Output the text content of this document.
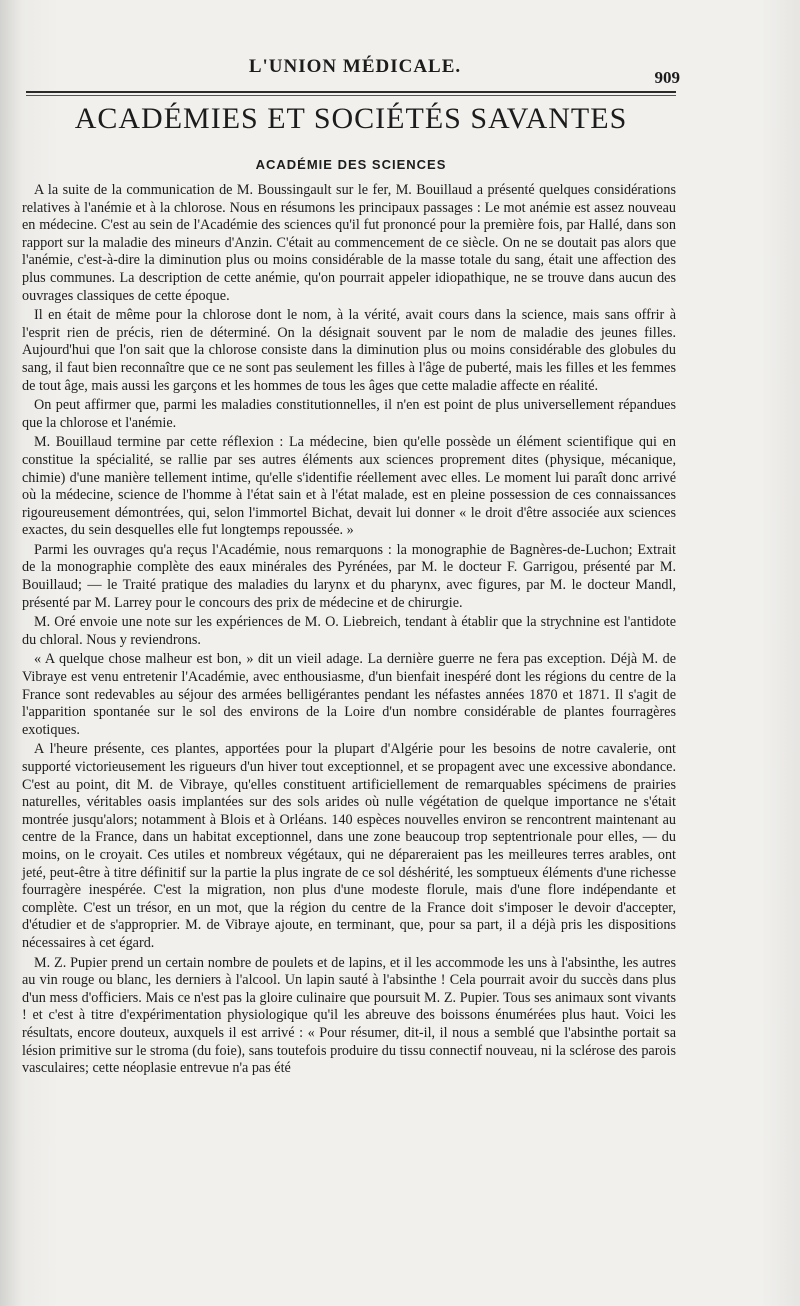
L'UNION MÉDICALE.
909
ACADÉMIES ET SOCIÉTÉS SAVANTES
ACADÉMIE DES SCIENCES

A la suite de la communication de M. Boussingault sur le fer, M. Bouillaud a présenté quelques considérations relatives à l'anémie et à la chlorose. Nous en résumons les principaux passages : Le mot anémie est assez nouveau en médecine. C'est au sein de l'Académie des sciences qu'il fut prononcé pour la première fois, par Hallé, dans son rapport sur la maladie des mineurs d'Anzin. C'était au commencement de ce siècle. On ne se doutait pas alors que l'anémie, c'est-à-dire la diminution plus ou moins considérable de la masse totale du sang, était une affection des plus communes. La description de cette anémie, qu'on pourrait appeler idiopathique, ne se trouve dans aucun des ouvrages classiques de cette époque.

Il en était de même pour la chlorose dont le nom, à la vérité, avait cours dans la science, mais sans offrir à l'esprit rien de précis, rien de déterminé. On la désignait souvent par le nom de maladie des jeunes filles. Aujourd'hui que l'on sait que la chlorose consiste dans la diminution plus ou moins considérable des globules du sang, il faut bien reconnaître que ce ne sont pas seulement les filles à l'âge de puberté, mais les filles et les femmes de tout âge, mais aussi les garçons et les hommes de tous les âges que cette maladie affecte en réalité.

On peut affirmer que, parmi les maladies constitutionnelles, il n'en est point de plus universellement répandues que la chlorose et l'anémie.

M. Bouillaud termine par cette réflexion : La médecine, bien qu'elle possède un élément scientifique qui en constitue la spécialité, se rallie par ses autres éléments aux sciences proprement dites (physique, mécanique, chimie) d'une manière tellement intime, qu'elle s'identifie réellement avec elles. Le moment lui paraît donc arrivé où la médecine, science de l'homme à l'état sain et à l'état malade, est en pleine possession de ces connaissances rigoureusement démontrées, qui, selon l'immortel Bichat, devait lui donner « le droit d'être associée aux sciences exactes, du sein desquelles elle fut longtemps repoussée. »

Parmi les ouvrages qu'a reçus l'Académie, nous remarquons : la monographie de Bagnères-de-Luchon; Extrait de la monographie complète des eaux minérales des Pyrénées, par M. le docteur F. Garrigou, présenté par M. Bouillaud; — le Traité pratique des maladies du larynx et du pharynx, avec figures, par M. le docteur Mandl, présenté par M. Larrey pour le concours des prix de médecine et de chirurgie.

M. Oré envoie une note sur les expériences de M. O. Liebreich, tendant à établir que la strychnine est l'antidote du chloral. Nous y reviendrons.

« A quelque chose malheur est bon, » dit un vieil adage. La dernière guerre ne fera pas exception. Déjà M. de Vibraye est venu entretenir l'Académie, avec enthousiasme, d'un bienfait inespéré dont les régions du centre de la France sont redevables au séjour des armées belligérantes pendant les néfastes années 1870 et 1871. Il s'agit de l'apparition spontanée sur le sol des environs de la Loire d'un nombre considérable de plantes fourragères exotiques.

A l'heure présente, ces plantes, apportées pour la plupart d'Algérie pour les besoins de notre cavalerie, ont supporté victorieusement les rigueurs d'un hiver tout exceptionnel, et se propagent avec une excessive abondance. C'est au point, dit M. de Vibraye, qu'elles constituent artificiellement de remarquables spécimens de prairies naturelles, véritables oasis implantées sur des sols arides où nulle végétation de quelque importance ne s'était montrée jusqu'alors; notamment à Blois et à Orléans. 140 espèces nouvelles environ se rencontrent maintenant au centre de la France, dans un habitat exceptionnel, dans une zone beaucoup trop septentrionale pour elles, — du moins, on le croyait. Ces utiles et nombreux végétaux, qui ne dépareraient pas les meilleures terres arables, ont jeté, peut-être à titre définitif sur la partie la plus ingrate de ce sol déshérité, les somptueux éléments d'une richesse fourragère inespérée. C'est la migration, non plus d'une modeste florule, mais d'une flore indépendante et complète. C'est un trésor, en un mot, que la région du centre de la France doit s'imposer le devoir d'accepter, d'étudier et de s'approprier. M. de Vibraye ajoute, en terminant, que, pour sa part, il a déjà pris les dispositions nécessaires à cet égard.

M. Z. Pupier prend un certain nombre de poulets et de lapins, et il les accommode les uns à l'absinthe, les autres au vin rouge ou blanc, les derniers à l'alcool. Un lapin sauté à l'absinthe ! Cela pourrait avoir du succès dans plus d'un mess d'officiers. Mais ce n'est pas la gloire culinaire que poursuit M. Z. Pupier. Tous ses animaux sont vivants ! et c'est à titre d'expérimentation physiologique qu'il les abreuve des boissons énumérées plus haut. Voici les résultats, encore douteux, auxquels il est arrivé : « Pour résumer, dit-il, il nous a semblé que l'absinthe portait sa lésion primitive sur le stroma (du foie), sans toutefois produire du tissu connectif nouveau, ni la sclérose des parois vasculaires; cette néoplasie entrevue n'a pas été
